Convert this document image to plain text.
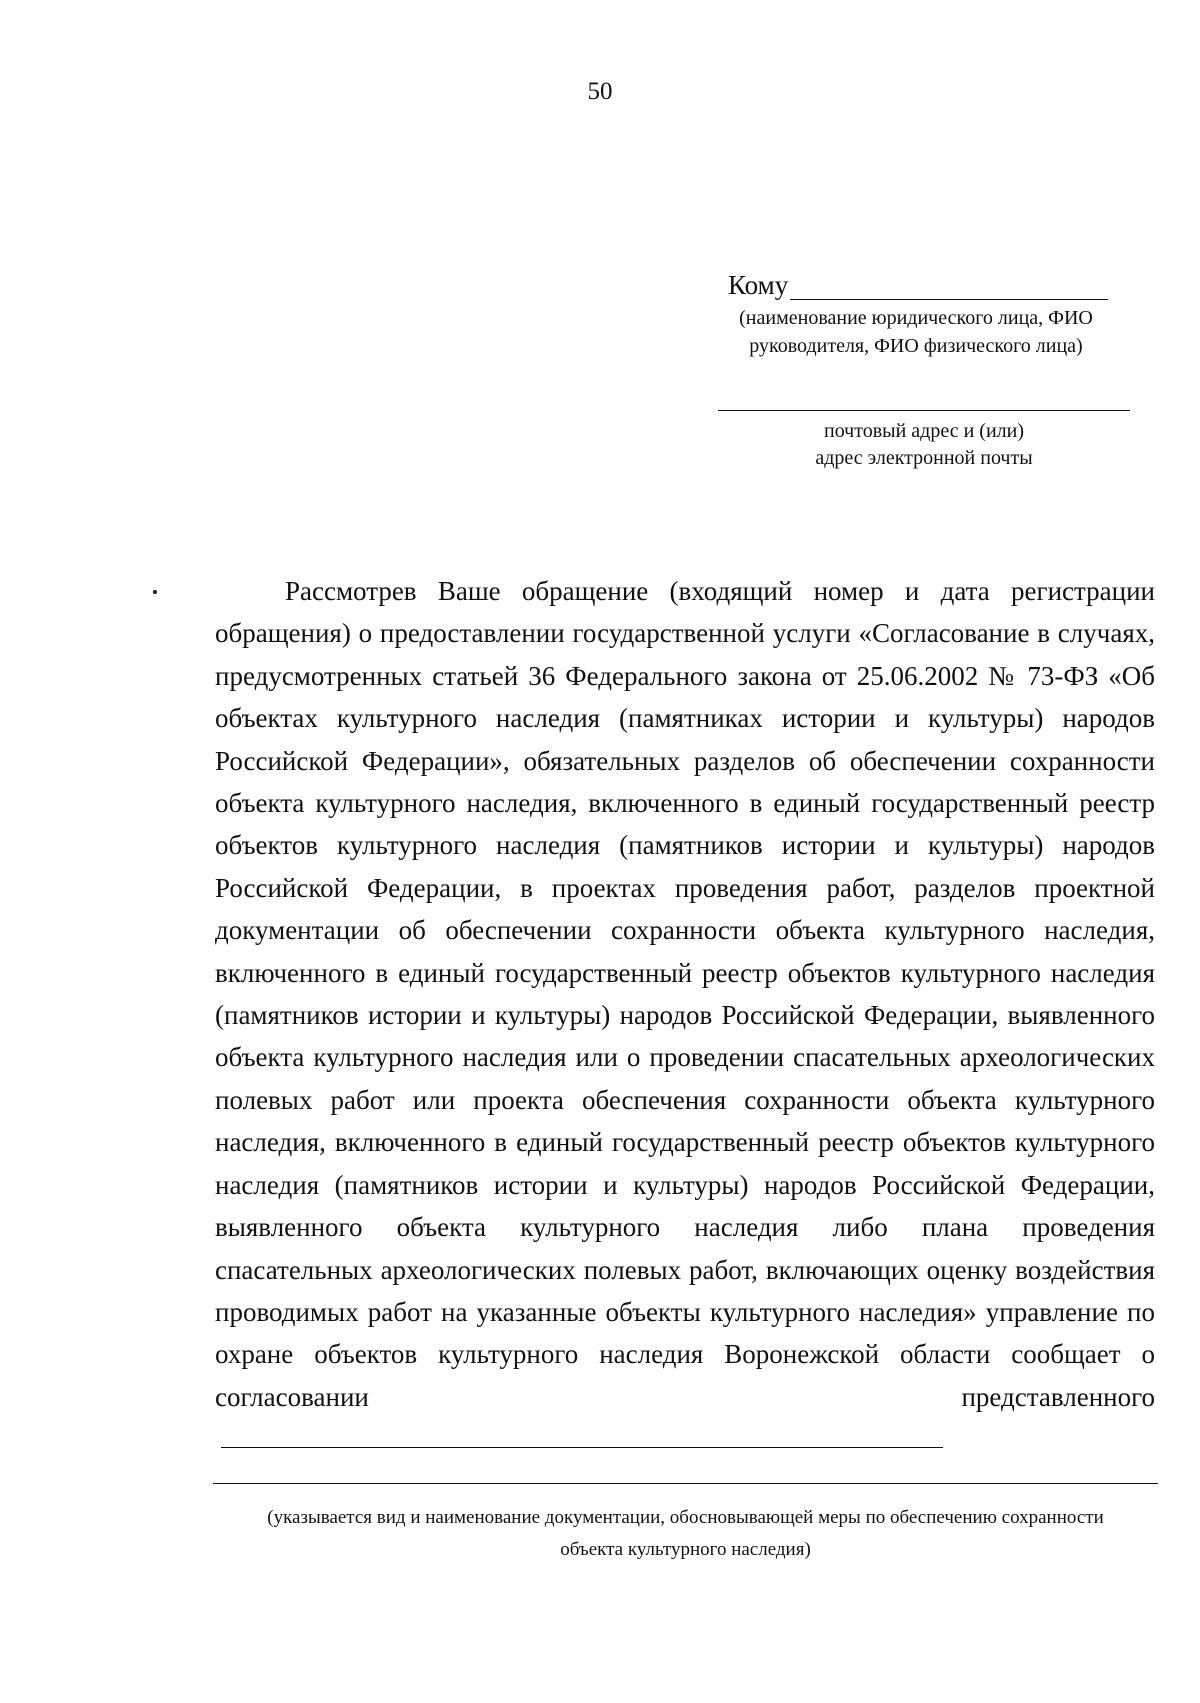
50
Кому
(наименование юридического лица, ФИО
руководителя, ФИО физического лица)
почтовый адрес и (или)
адрес электронной почты

Рассмотрев Ваше обращение (входящий номер и дата регистрации обращения) о предоставлении государственной услуги «Согласование в случаях, предусмотренных статьей 36 Федерального закона от 25.06.2002 № 73-ФЗ «Об объектах культурного наследия (памятниках истории и культуры) народов Российской Федерации», обязательных разделов об обеспечении сохранности объекта культурного наследия, включенного в единый государственный реестр объектов культурного наследия (памятников истории и культуры) народов Российской Федерации, в проектах проведения работ, разделов проектной документации об обеспечении сохранности объекта культурного наследия, включенного в единый государственный реестр объектов культурного наследия (памятников истории и культуры) народов Российской Федерации, выявленного объекта культурного наследия или о проведении спасательных археологических полевых работ или проекта обеспечения сохранности объекта культурного наследия, включенного в единый государственный реестр объектов культурного наследия (памятников истории и культуры) народов Российской Федерации, выявленного объекта культурного наследия либо плана проведения спасательных археологических полевых работ, включающих оценку воздействия проводимых работ на указанные объекты культурного наследия» управление по охране объектов культурного наследия Воронежской области сообщает о согласовании	представленного

(указывается вид и наименование документации, обосновывающей меры по обеспечению сохранности
объекта культурного наследия)
